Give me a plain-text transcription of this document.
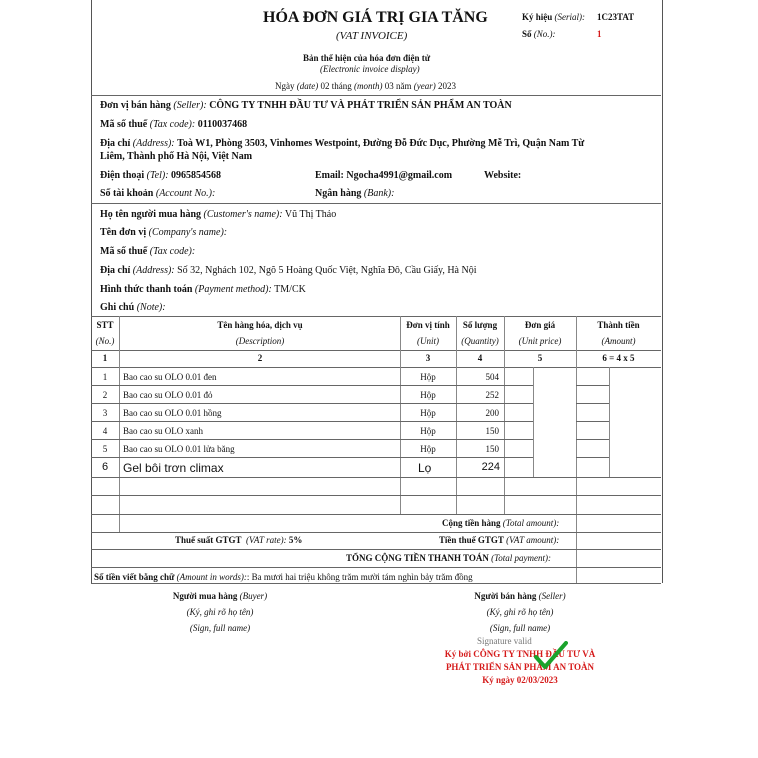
HÓA ĐƠN GIÁ TRỊ GIA TĂNG
(VAT INVOICE)
Bản thể hiện của hóa đơn điện tử
(Electronic invoice display)
Ngày (date) 02 tháng (month) 03 năm (year) 2023
Ký hiệu (Serial): 1C23TAT
Số (No.):	1
Đơn vị bán hàng (Seller): CÔNG TY TNHH ĐẦU TƯ VÀ PHÁT TRIỂN SẢN PHẨM AN TOÀN
Mã số thuế (Tax code): 0110037468
Địa chỉ (Address): Toà W1, Phòng 3503, Vinhomes Westpoint, Đường Đỗ Đức Dục, Phường Mễ Trì, Quận Nam Từ
Liêm, Thành phố Hà Nội, Việt Nam
Điện thoại (Tel): 0965854568	Email: Ngocha4991@gmail.com	Website:
Số tài khoản (Account No.):	Ngân hàng (Bank):
Họ tên người mua hàng (Customer's name): Vũ Thị Thảo
Tên đơn vị (Company's name):
Mã số thuế (Tax code):
Địa chỉ (Address): Số 32, Nghách 102, Ngõ 5 Hoàng Quốc Việt, Nghĩa Đô, Cầu Giấy, Hà Nội
Hình thức thanh toán (Payment method): TM/CK
Ghi chú (Note):
STT
(No.)
Tên hàng hóa, dịch vụ
(Description)
Đơn vị tính
(Unit)
Số lượng
(Quantity)
Đơn giá
(Unit price)
Thành tiền
(Amount)
1	2	3	4	5	6 = 4 x 5
1	Bao cao su OLO 0.01 đen	Hộp	504
2	Bao cao su OLO 0.01 đỏ	Hộp	252
3	Bao cao su OLO 0.01 hồng	Hộp	200
4	Bao cao su OLO xanh	Hộp	150
5	Bao cao su OLO 0.01 lửa băng	Hộp	150
6	Gel bôi trơn climax	Lọ	224
Cộng tiền hàng (Total amount):
Thuế suất GTGT (VAT rate): 5%	Tiền thuế GTGT (VAT amount):
TỔNG CỘNG TIỀN THANH TOÁN (Total payment):
Số tiền viết bằng chữ (Amount in words):: Ba mươi hai triệu không trăm mười tám nghìn bảy trăm đồng
Người mua hàng (Buyer)
(Ký, ghi rõ họ tên)
(Sign, full name)
Người bán hàng (Seller)
(Ký, ghi rõ họ tên)
(Sign, full name)
Signature valid
Ký bởi CÔNG TY TNHH ĐẦU TƯ VÀ
PHÁT TRIỂN SẢN PHẨM AN TOÀN
Ký ngày 02/03/2023
